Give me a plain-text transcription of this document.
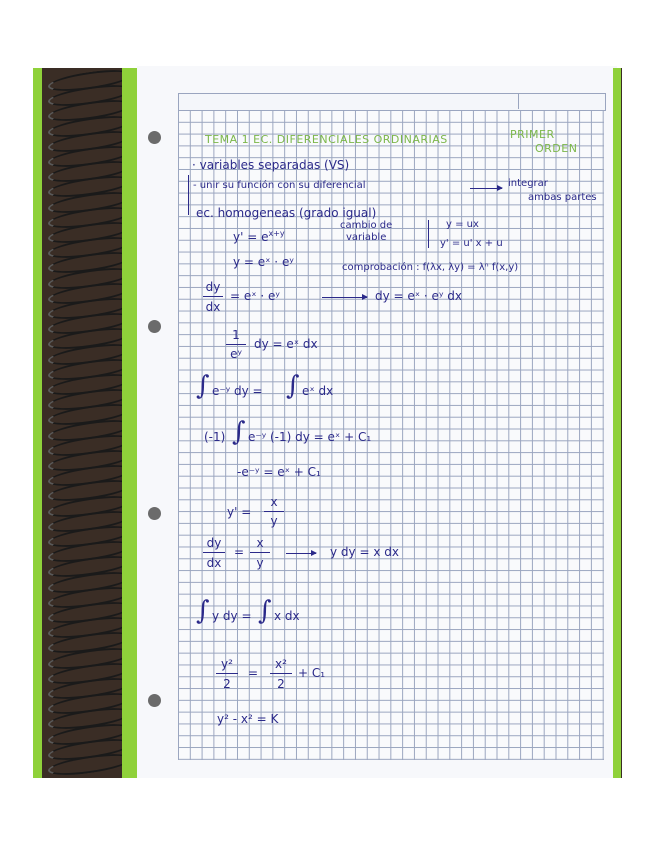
TEMA 1 EC. DIFERENCIALES ORDINARIAS	PRIMER
ORDEN
· variables separadas (VS)
- unir su función con su diferencial	integrar
ambas partes
ec. homogeneas (grado igual)
cambio de
variable
y = ux
y' = u' x + u
comprobación : f(λx, λy) = λⁿ f(x,y)
$y' = e^{x+y}$
y = eˣ · eʸ
dy
dx
= eˣ · eʸ	dy = eˣ · eʸ dx
1
eʸ
dy = eˣ dx
∫ e⁻ʸ dy = ∫ eˣ dx
(-1) ∫ e⁻ʸ (-1) dy = eˣ + C₁
-e⁻ʸ = eˣ + C₁
y' =
x
y
dy
dx
=
x
y
y dy = x dx
∫ y dy = ∫ x dx
y²
2
=
x²
2
+ C₁
y² - x² = K
